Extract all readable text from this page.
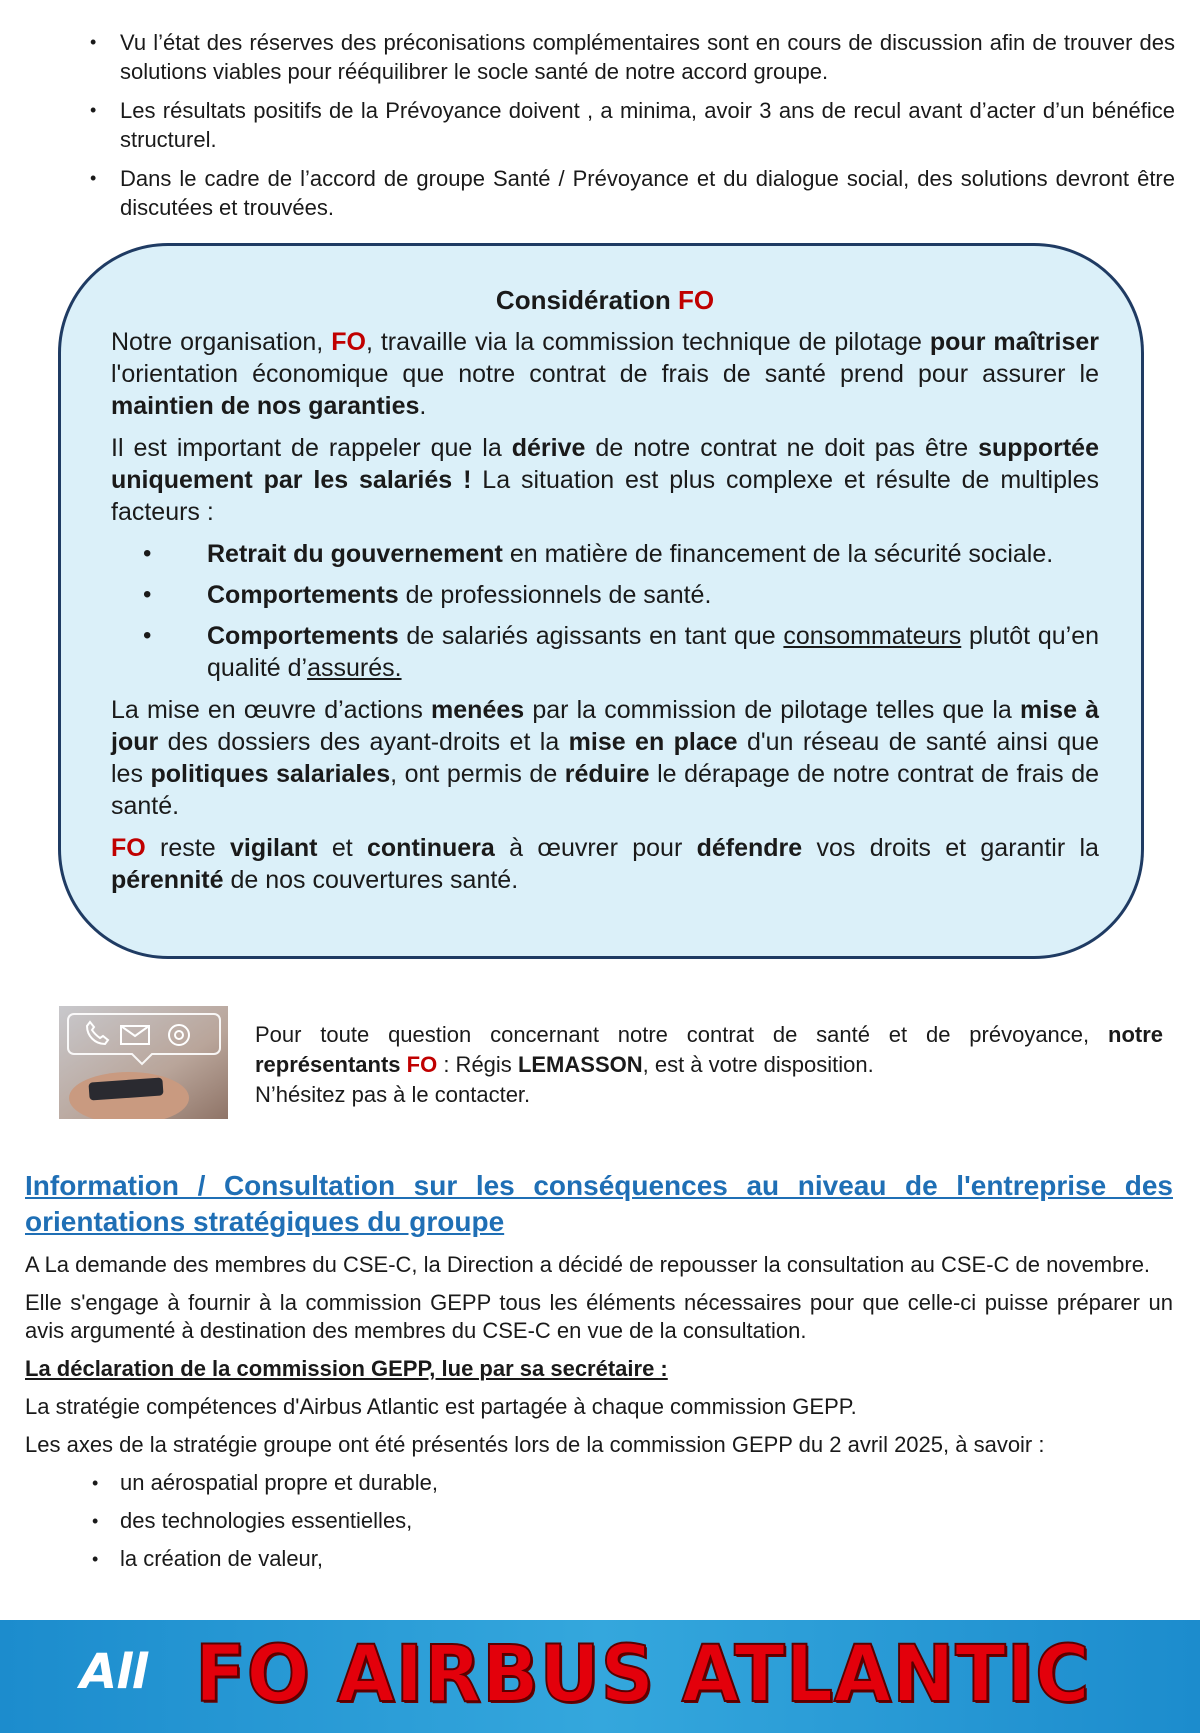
• Vu l’état des réserves des préconisations complémentaires sont en cours de discussion afin de trouver des solutions viables pour rééquilibrer le socle santé de notre accord groupe.
• Les résultats positifs de la Prévoyance doivent , a minima, avoir 3 ans de recul avant d’acter d’un bénéfice structurel.
• Dans le cadre de l’accord de groupe Santé / Prévoyance et du dialogue social, des solutions devront être discutées et trouvées.
Considération FO

Notre organisation, FO, travaille via la commission technique de pilotage pour maîtriser l'orientation économique que notre contrat de frais de santé prend pour assurer le maintien de nos garanties.

Il est important de rappeler que la dérive de notre contrat ne doit pas être supportée uniquement par les salariés ! La situation est plus complexe et résulte de multiples facteurs :

• Retrait du gouvernement en matière de financement de la sécurité sociale.
• Comportements de professionnels de santé.
• Comportements de salariés agissants en tant que consommateurs plutôt qu’en qualité d’assurés.

La mise en œuvre d’actions menées par la commission de pilotage telles que la mise à jour des dossiers des ayant-droits et la mise en place d'un réseau de santé ainsi que les politiques salariales, ont permis de réduire le dérapage de notre contrat de frais de santé.

FO reste vigilant et continuera à œuvrer pour défendre vos droits et garantir la pérennité de nos couvertures santé.

Pour toute question concernant notre contrat de santé et de prévoyance, notre représentants FO : Régis LEMASSON, est à votre disposition.
N’hésitez pas à le contacter.
Information / Consultation sur les conséquences au niveau de l'entreprise des orientations stratégiques du groupe

A La demande des membres du CSE-C, la Direction a décidé de repousser la consultation au CSE-C de novembre.

Elle s'engage à fournir à la commission GEPP tous les éléments nécessaires pour que celle-ci puisse préparer un avis argumenté à destination des membres du CSE-C en vue de la consultation.

La déclaration de la commission GEPP, lue par sa secrétaire :

La stratégie compétences d'Airbus Atlantic est partagée à chaque commission GEPP.

Les axes de la stratégie groupe ont été présentés lors de la commission GEPP du 2 avril 2025, à savoir :

• un aérospatial propre et durable,
• des technologies essentielles,
• la création de valeur,
All FO AIRBUS ATLANTIC
